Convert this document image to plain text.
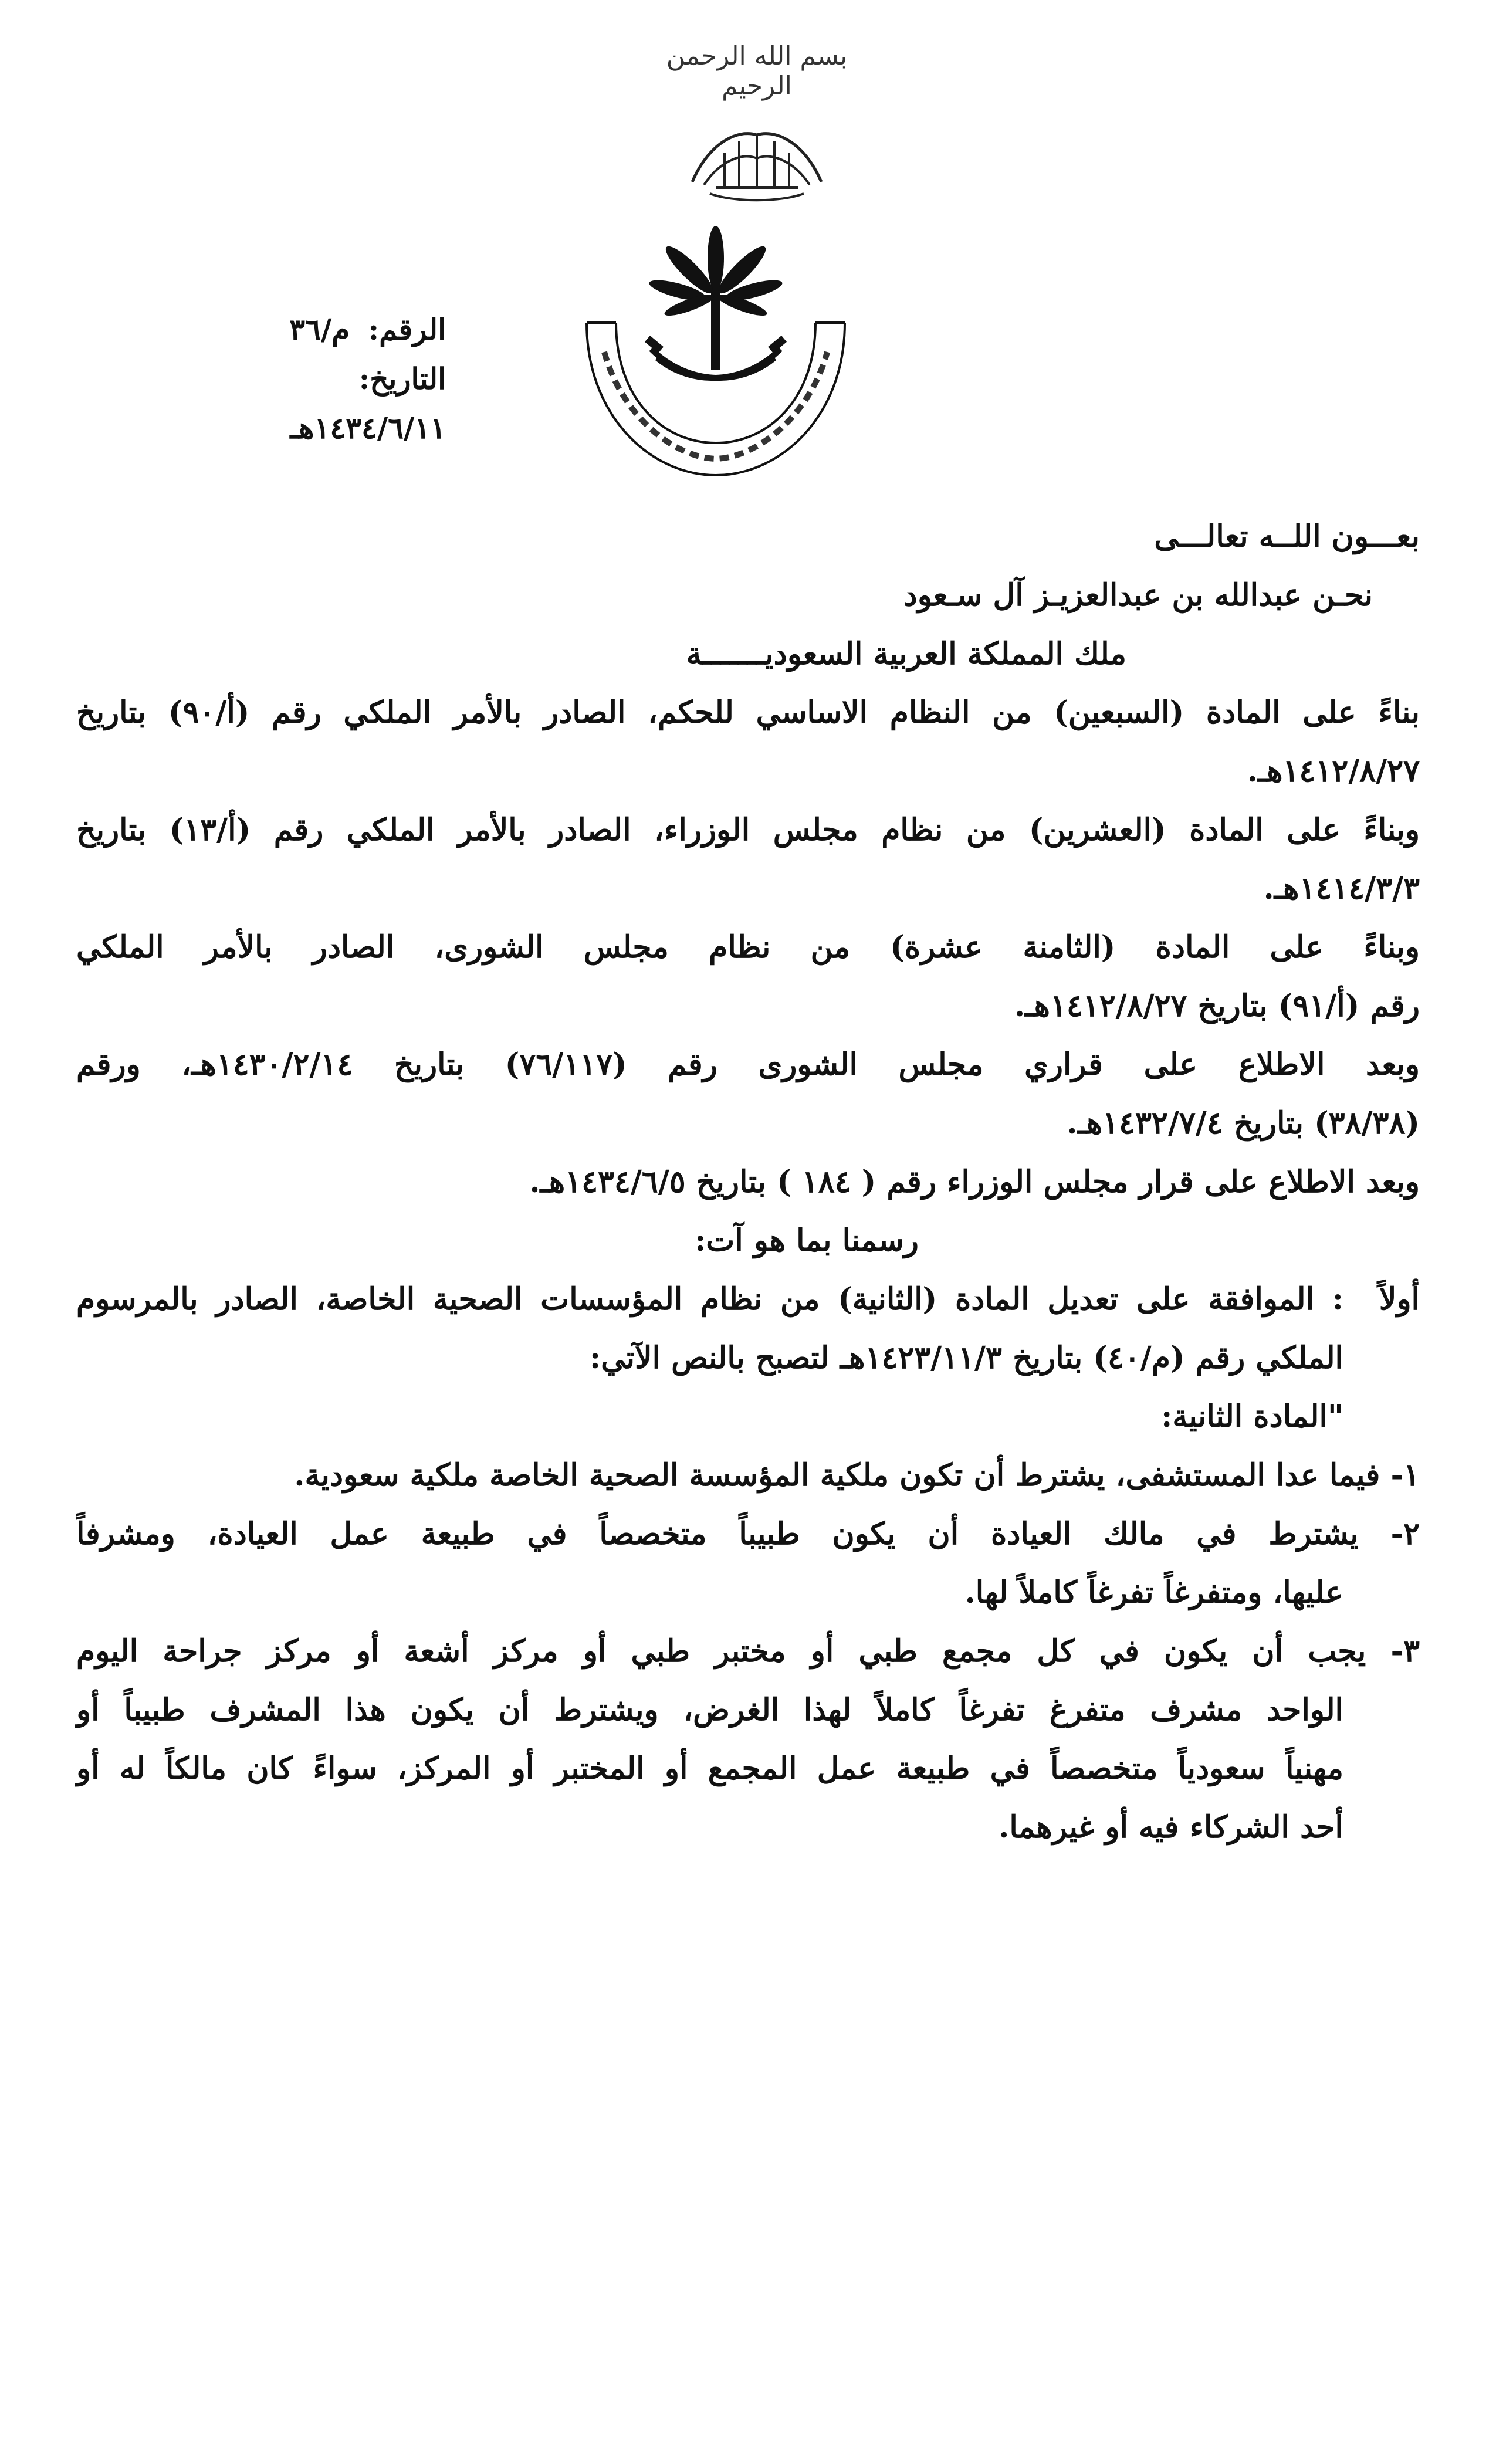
بسم الله الرحمن الرحيم
الرقم: م/٣٦
التاريخ: ١٤٣٤/٦/١١هـ
بعـــون اللــه تعالـــى
نحـن عبدالله بن عبدالعزيـز آل سـعود
ملك المملكة العربية السعوديـــــــة
بناءً على المادة (السبعين) من النظام الاساسي للحكم، الصادر بالأمر الملكي رقم (أ/٩٠) بتاريخ
١٤١٢/٨/٢٧هـ.
وبناءً على المادة (العشرين) من نظام مجلس الوزراء، الصادر بالأمر الملكي رقم (أ/١٣) بتاريخ
١٤١٤/٣/٣هـ.
وبناءً على المادة (الثامنة عشرة) من نظام مجلس الشورى، الصادر بالأمر الملكي
رقم (أ/٩١) بتاريخ ١٤١٢/٨/٢٧هـ.
وبعد الاطلاع على قراري مجلس الشورى رقم (٧٦/١١٧) بتاريخ ١٤٣٠/٢/١٤هـ، ورقم
(٣٨/٣٨) بتاريخ ١٤٣٢/٧/٤هـ.
وبعد الاطلاع على قرار مجلس الوزراء رقم ( ١٨٤ ) بتاريخ ١٤٣٤/٦/٥هـ.
رسمنا بما هو آت:
أولاً
: الموافقة على تعديل المادة (الثانية) من نظام المؤسسات الصحية الخاصة، الصادر بالمرسوم
الملكي رقم (م/٤٠) بتاريخ ١٤٢٣/١١/٣هـ لتصبح بالنص الآتي:
"المادة الثانية:
١- فيما عدا المستشفى، يشترط أن تكون ملكية المؤسسة الصحية الخاصة ملكية سعودية.
٢- يشترط في مالك العيادة أن يكون طبيباً متخصصاً في طبيعة عمل العيادة، ومشرفاً
عليها، ومتفرغاً تفرغاً كاملاً لها.
٣- يجب أن يكون في كل مجمع طبي أو مختبر طبي أو مركز أشعة أو مركز جراحة اليوم
الواحد مشرف متفرغ تفرغاً كاملاً لهذا الغرض، ويشترط أن يكون هذا المشرف طبيباً أو
مهنياً سعودياً متخصصاً في طبيعة عمل المجمع أو المختبر أو المركز، سواءً كان مالكاً له أو
أحد الشركاء فيه أو غيرهما.
